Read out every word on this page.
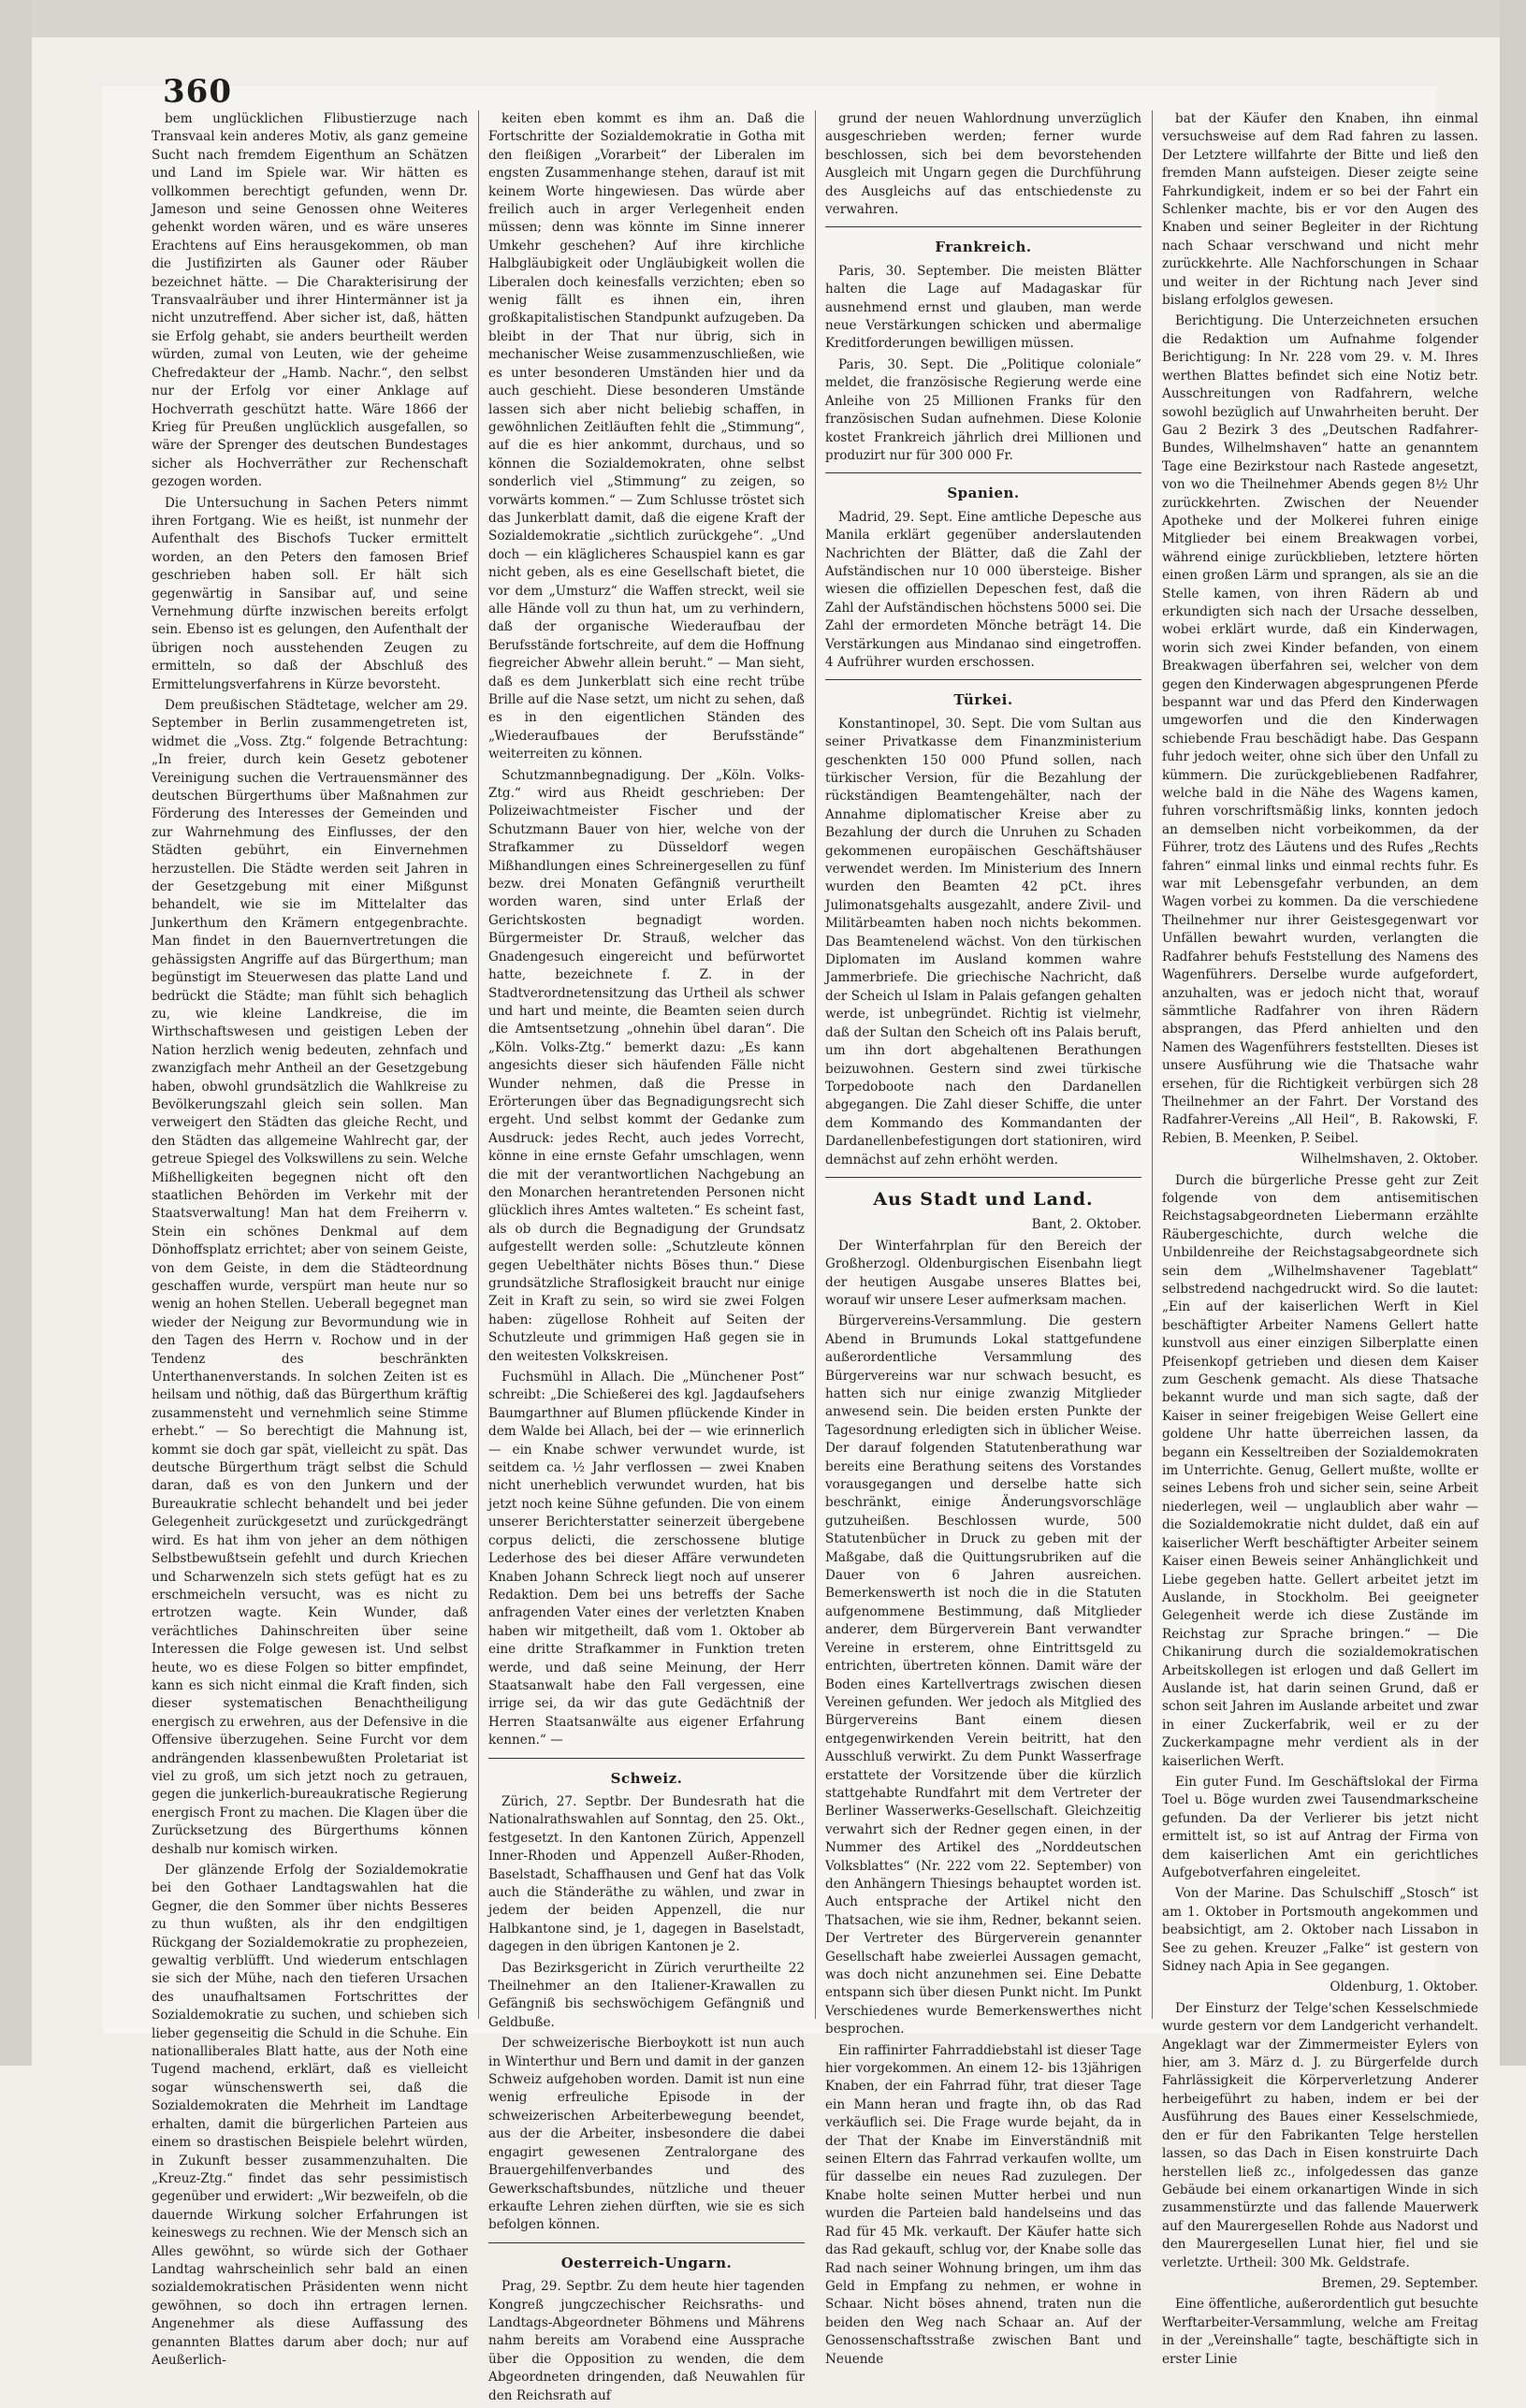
360

bem unglücklichen Flibustierzuge nach Transvaal kein anderes Motiv, als ganz gemeine Sucht nach fremdem Eigenthum an Schätzen und Land im Spiele war. Wir hätten es vollkommen berechtigt gefunden, wenn Dr. Jameson und seine Genossen ohne Weiteres gehenkt worden wären, und es wäre unseres Erachtens auf Eins herausgekommen, ob man die Justifizirten als Gauner oder Räuber bezeichnet hätte. — Die Charakterisirung der Transvaalräuber und ihrer Hintermänner ist ja nicht unzutreffend. Aber sicher ist, daß, hätten sie Erfolg gehabt, sie anders beurtheilt werden würden, zumal von Leuten, wie der geheime Chefredakteur der „Hamb. Nachr.“, den selbst nur der Erfolg vor einer Anklage auf Hochverrath geschützt hatte. Wäre 1866 der Krieg für Preußen unglücklich ausgefallen, so wäre der Sprenger des deutschen Bundestages sicher als Hochverräther zur Rechenschaft gezogen worden.

Die Untersuchung in Sachen Peters nimmt ihren Fortgang. Wie es heißt, ist nunmehr der Aufenthalt des Bischofs Tucker ermittelt worden, an den Peters den famosen Brief geschrieben haben soll. Er hält sich gegenwärtig in Sansibar auf, und seine Vernehmung dürfte inzwischen bereits erfolgt sein. Ebenso ist es gelungen, den Aufenthalt der übrigen noch ausstehenden Zeugen zu ermitteln, so daß der Abschluß des Ermittelungsverfahrens in Kürze bevorsteht.

Dem preußischen Städtetage, welcher am 29. September in Berlin zusammengetreten ist, widmet die „Voss. Ztg.“ folgende Betrachtung: „In freier, durch kein Gesetz gebotener Vereinigung suchen die Vertrauensmänner des deutschen Bürgerthums über Maßnahmen zur Förderung des Interesses der Gemeinden und zur Wahrnehmung des Einflusses, der den Städten gebührt, ein Einvernehmen herzustellen. Die Städte werden seit Jahren in der Gesetzgebung mit einer Mißgunst behandelt, wie sie im Mittelalter das Junkerthum den Krämern entgegenbrachte. Man findet in den Bauernvertretungen die gehässigsten Angriffe auf das Bürgerthum; man begünstigt im Steuerwesen das platte Land und bedrückt die Städte; man fühlt sich behaglich zu, wie kleine Landkreise, die im Wirthschaftswesen und geistigen Leben der Nation herzlich wenig bedeuten, zehnfach und zwanzigfach mehr Antheil an der Gesetzgebung haben, obwohl grundsätzlich die Wahlkreise zu Bevölkerungszahl gleich sein sollen. Man verweigert den Städten das gleiche Recht, und den Städten das allgemeine Wahlrecht gar, der getreue Spiegel des Volkswillens zu sein. Welche Mißhelligkeiten begegnen nicht oft den staatlichen Behörden im Verkehr mit der Staatsverwaltung! Man hat dem Freiherrn v. Stein ein schönes Denkmal auf dem Dönhoffsplatz errichtet; aber von seinem Geiste, von dem Geiste, in dem die Städteordnung geschaffen wurde, verspürt man heute nur so wenig an hohen Stellen. Ueberall begegnet man wieder der Neigung zur Bevormundung wie in den Tagen des Herrn v. Rochow und in der Tendenz des beschränkten Unterthanenverstands. In solchen Zeiten ist es heilsam und nöthig, daß das Bürgerthum kräftig zusammensteht und vernehmlich seine Stimme erhebt.“ — So berechtigt die Mahnung ist, kommt sie doch gar spät, vielleicht zu spät. Das deutsche Bürgerthum trägt selbst die Schuld daran, daß es von den Junkern und der Bureaukratie schlecht behandelt und bei jeder Gelegenheit zurückgesetzt und zurückgedrängt wird. Es hat ihm von jeher an dem nöthigen Selbstbewußtsein gefehlt und durch Kriechen und Scharwenzeln sich stets gefügt hat es zu erschmeicheln versucht, was es nicht zu ertrotzen wagte. Kein Wunder, daß verächtliches Dahinschreiten über seine Interessen die Folge gewesen ist. Und selbst heute, wo es diese Folgen so bitter empfindet, kann es sich nicht einmal die Kraft finden, sich dieser systematischen Benachtheiligung energisch zu erwehren, aus der Defensive in die Offensive überzugehen. Seine Furcht vor dem andrängenden klassenbewußten Proletariat ist viel zu groß, um sich jetzt noch zu getrauen, gegen die junkerlich-bureaukratische Regierung energisch Front zu machen. Die Klagen über die Zurücksetzung des Bürgerthums können deshalb nur komisch wirken.

Der glänzende Erfolg der Sozialdemokratie bei den Gothaer Landtagswahlen hat die Gegner, die den Sommer über nichts Besseres zu thun wußten, als ihr den endgiltigen Rückgang der Sozialdemokratie zu prophezeien, gewaltig verblüfft. Und wiederum entschlagen sie sich der Mühe, nach den tieferen Ursachen des unaufhaltsamen Fortschrittes der Sozialdemokratie zu suchen, und schieben sich lieber gegenseitig die Schuld in die Schuhe. Ein nationalliberales Blatt hatte, aus der Noth eine Tugend machend, erklärt, daß es vielleicht sogar wünschenswerth sei, daß die Sozialdemokraten die Mehrheit im Landtage erhalten, damit die bürgerlichen Parteien aus einem so drastischen Beispiele belehrt würden, in Zukunft besser zusammenzuhalten. Die „Kreuz-Ztg.“ findet das sehr pessimistisch gegenüber und erwidert: „Wir bezweifeln, ob die dauernde Wirkung solcher Erfahrungen ist keineswegs zu rechnen. Wie der Mensch sich an Alles gewöhnt, so würde sich der Gothaer Landtag wahrscheinlich sehr bald an einen sozialdemokratischen Präsidenten wenn nicht gewöhnen, so doch ihn ertragen lernen. Angenehmer als diese Auffassung des genannten Blattes darum aber doch; nur auf Aeußerlich-

keiten eben kommt es ihm an. Daß die Fortschritte der Sozialdemokratie in Gotha mit den fleißigen „Vorarbeit“ der Liberalen im engsten Zusammenhange stehen, darauf ist mit keinem Worte hingewiesen. Das würde aber freilich auch in arger Verlegenheit enden müssen; denn was könnte im Sinne innerer Umkehr geschehen? Auf ihre kirchliche Halbgläubigkeit oder Ungläubigkeit wollen die Liberalen doch keinesfalls verzichten; eben so wenig fällt es ihnen ein, ihren großkapitalistischen Standpunkt aufzugeben. Da bleibt in der That nur übrig, sich in mechanischer Weise zusammenzuschließen, wie es unter besonderen Umständen hier und da auch geschieht. Diese besonderen Umstände lassen sich aber nicht beliebig schaffen, in gewöhnlichen Zeitläuften fehlt die „Stimmung“, auf die es hier ankommt, durchaus, und so können die Sozialdemokraten, ohne selbst sonderlich viel „Stimmung“ zu zeigen, so vorwärts kommen.“ — Zum Schlusse tröstet sich das Junkerblatt damit, daß die eigene Kraft der Sozialdemokratie „sichtlich zurückgehe“. „Und doch — ein kläglicheres Schauspiel kann es gar nicht geben, als es eine Gesellschaft bietet, die vor dem „Umsturz“ die Waffen streckt, weil sie alle Hände voll zu thun hat, um zu verhindern, daß der organische Wiederaufbau der Berufsstände fortschreite, auf dem die Hoffnung fiegreicher Abwehr allein beruht.“ — Man sieht, daß es dem Junkerblatt sich eine recht trübe Brille auf die Nase setzt, um nicht zu sehen, daß es in den eigentlichen Ständen des „Wiederaufbaues der Berufsstände“ weiterreiten zu können.

Schutzmannbegnadigung. Der „Köln. Volks-Ztg.“ wird aus Rheidt geschrieben: Der Polizeiwachtmeister Fischer und der Schutzmann Bauer von hier, welche von der Strafkammer zu Düsseldorf wegen Mißhandlungen eines Schreinergesellen zu fünf bezw. drei Monaten Gefängniß verurtheilt worden waren, sind unter Erlaß der Gerichtskosten begnadigt worden. Bürgermeister Dr. Strauß, welcher das Gnadengesuch eingereicht und befürwortet hatte, bezeichnete f. Z. in der Stadtverordnetensitzung das Urtheil als schwer und hart und meinte, die Beamten seien durch die Amtsentsetzung „ohnehin übel daran“. Die „Köln. Volks-Ztg.“ bemerkt dazu: „Es kann angesichts dieser sich häufenden Fälle nicht Wunder nehmen, daß die Presse in Erörterungen über das Begnadigungsrecht sich ergeht. Und selbst kommt der Gedanke zum Ausdruck: jedes Recht, auch jedes Vorrecht, könne in eine ernste Gefahr umschlagen, wenn die mit der verantwortlichen Nachgebung an den Monarchen herantretenden Personen nicht glücklich ihres Amtes walteten.“ Es scheint fast, als ob durch die Begnadigung der Grundsatz aufgestellt werden solle: „Schutzleute können gegen Uebelthäter nichts Böses thun.“ Diese grundsätzliche Straflosigkeit braucht nur einige Zeit in Kraft zu sein, so wird sie zwei Folgen haben: zügellose Rohheit auf Seiten der Schutzleute und grimmigen Haß gegen sie in den weitesten Volkskreisen.

Fuchsmühl in Allach. Die „Münchener Post“ schreibt: „Die Schießerei des kgl. Jagdaufsehers Baumgarthner auf Blumen pflückende Kinder in dem Walde bei Allach, bei der — wie erinnerlich — ein Knabe schwer verwundet wurde, ist seitdem ca. ½ Jahr verflossen — zwei Knaben nicht unerheblich verwundet wurden, hat bis jetzt noch keine Sühne gefunden. Die von einem unserer Berichterstatter seinerzeit übergebene corpus delicti, die zerschossene blutige Lederhose des bei dieser Affäre verwundeten Knaben Johann Schreck liegt noch auf unserer Redaktion. Dem bei uns betreffs der Sache anfragenden Vater eines der verletzten Knaben haben wir mitgetheilt, daß vom 1. Oktober ab eine dritte Strafkammer in Funktion treten werde, und daß seine Meinung, der Herr Staatsanwalt habe den Fall vergessen, eine irrige sei, da wir das gute Gedächtniß der Herren Staatsanwälte aus eigener Erfahrung kennen.“ —

Schweiz.

Zürich, 27. Septbr. Der Bundesrath hat die Nationalrathswahlen auf Sonntag, den 25. Okt., festgesetzt. In den Kantonen Zürich, Appenzell Inner-Rhoden und Appenzell Außer-Rhoden, Baselstadt, Schaffhausen und Genf hat das Volk auch die Ständeräthe zu wählen, und zwar in jedem der beiden Appenzell, die nur Halbkantone sind, je 1, dagegen in Baselstadt, dagegen in den übrigen Kantonen je 2.

Das Bezirksgericht in Zürich verurtheilte 22 Theilnehmer an den Italiener-Krawallen zu Gefängniß bis sechswöchigem Gefängniß und Geldbuße.

Der schweizerische Bierboykott ist nun auch in Winterthur und Bern und damit in der ganzen Schweiz aufgehoben worden. Damit ist nun eine wenig erfreuliche Episode in der schweizerischen Arbeiterbewegung beendet, aus der die Arbeiter, insbesondere die dabei engagirt gewesenen Zentralorgane des Brauergehilfenverbandes und des Gewerkschaftsbundes, nützliche und theuer erkaufte Lehren ziehen dürften, wie sie es sich befolgen können.

Oesterreich-Ungarn.

Prag, 29. Septbr. Zu dem heute hier tagenden Kongreß jungczechischer Reichsraths- und Landtags-Abgeordneter Böhmens und Mährens nahm bereits am Vorabend eine Aussprache über die Opposition zu wenden, die dem Abgeordneten dringenden, daß Neuwahlen für den Reichsrath auf

grund der neuen Wahlordnung unverzüglich ausgeschrieben werden; ferner wurde beschlossen, sich bei dem bevorstehenden Ausgleich mit Ungarn gegen die Durchführung des Ausgleichs auf das entschiedenste zu verwahren.

Frankreich.

Paris, 30. September. Die meisten Blätter halten die Lage auf Madagaskar für ausnehmend ernst und glauben, man werde neue Verstärkungen schicken und abermalige Kreditforderungen bewilligen müssen.

Paris, 30. Sept. Die „Politique coloniale“ meldet, die französische Regierung werde eine Anleihe von 25 Millionen Franks für den französischen Sudan aufnehmen. Diese Kolonie kostet Frankreich jährlich drei Millionen und produzirt nur für 300 000 Fr.

Spanien.

Madrid, 29. Sept. Eine amtliche Depesche aus Manila erklärt gegenüber anderslautenden Nachrichten der Blätter, daß die Zahl der Aufständischen nur 10 000 übersteige. Bisher wiesen die offiziellen Depeschen fest, daß die Zahl der Aufständischen höchstens 5000 sei. Die Zahl der ermordeten Mönche beträgt 14. Die Verstärkungen aus Mindanao sind eingetroffen. 4 Aufrührer wurden erschossen.

Türkei.

Konstantinopel, 30. Sept. Die vom Sultan aus seiner Privatkasse dem Finanzministerium geschenkten 150 000 Pfund sollen, nach türkischer Version, für die Bezahlung der rückständigen Beamtengehälter, nach der Annahme diplomatischer Kreise aber zu Bezahlung der durch die Unruhen zu Schaden gekommenen europäischen Geschäftshäuser verwendet werden. Im Ministerium des Innern wurden den Beamten 42 pCt. ihres Julimonatsgehalts ausgezahlt, andere Zivil- und Militärbeamten haben noch nichts bekommen. Das Beamtenelend wächst. Von den türkischen Diplomaten im Ausland kommen wahre Jammerbriefe. Die griechische Nachricht, daß der Scheich ul Islam in Palais gefangen gehalten werde, ist unbegründet. Richtig ist vielmehr, daß der Sultan den Scheich oft ins Palais beruft, um ihn dort abgehaltenen Berathungen beizuwohnen. Gestern sind zwei türkische Torpedoboote nach den Dardanellen abgegangen. Die Zahl dieser Schiffe, die unter dem Kommando des Kommandanten der Dardanellenbefestigungen dort stationiren, wird demnächst auf zehn erhöht werden.

Aus Stadt und Land.

Bant, 2. Oktober.

Der Winterfahrplan für den Bereich der Großherzogl. Oldenburgischen Eisenbahn liegt der heutigen Ausgabe unseres Blattes bei, worauf wir unsere Leser aufmerksam machen.

Bürgervereins-Versammlung. Die gestern Abend in Brumunds Lokal stattgefundene außerordentliche Versammlung des Bürgervereins war nur schwach besucht, es hatten sich nur einige zwanzig Mitglieder anwesend sein. Die beiden ersten Punkte der Tagesordnung erledigten sich in üblicher Weise. Der darauf folgenden Statutenberathung war bereits eine Berathung seitens des Vorstandes vorausgegangen und derselbe hatte sich beschränkt, einige Änderungsvorschläge gutzuheißen. Beschlossen wurde, 500 Statutenbücher in Druck zu geben mit der Maßgabe, daß die Quittungsrubriken auf die Dauer von 6 Jahren ausreichen. Bemerkenswerth ist noch die in die Statuten aufgenommene Bestimmung, daß Mitglieder anderer, dem Bürgerverein Bant verwandter Vereine in ersterem, ohne Eintrittsgeld zu entrichten, übertreten können. Damit wäre der Boden eines Kartellvertrags zwischen diesen Vereinen gefunden. Wer jedoch als Mitglied des Bürgervereins Bant einem diesen entgegenwirkenden Verein beitritt, hat den Ausschluß verwirkt. Zu dem Punkt Wasserfrage erstattete der Vorsitzende über die kürzlich stattgehabte Rundfahrt mit dem Vertreter der Berliner Wasserwerks-Gesellschaft. Gleichzeitig verwahrt sich der Redner gegen einen, in der Nummer des Artikel des „Norddeutschen Volksblattes“ (Nr. 222 vom 22. September) von den Anhängern Thiesings behauptet worden ist. Auch entsprache der Artikel nicht den Thatsachen, wie sie ihm, Redner, bekannt seien. Der Vertreter des Bürgerverein genannter Gesellschaft habe zweierlei Aussagen gemacht, was doch nicht anzunehmen sei. Eine Debatte entspann sich über diesen Punkt nicht. Im Punkt Verschiedenes wurde Bemerkenswerthes nicht besprochen.

Ein raffinirter Fahrraddiebstahl ist dieser Tage hier vorgekommen. An einem 12- bis 13jährigen Knaben, der ein Fahrrad führ, trat dieser Tage ein Mann heran und fragte ihn, ob das Rad verkäuflich sei. Die Frage wurde bejaht, da in der That der Knabe im Einverständniß mit seinen Eltern das Fahrrad verkaufen wollte, um für dasselbe ein neues Rad zuzulegen. Der Knabe holte seinen Mutter herbei und nun wurden die Parteien bald handelseins und das Rad für 45 Mk. verkauft. Der Käufer hatte sich das Rad gekauft, schlug vor, der Knabe solle das Rad nach seiner Wohnung bringen, um ihm das Geld in Empfang zu nehmen, er wohne in Schaar. Nicht böses ahnend, traten nun die beiden den Weg nach Schaar an. Auf der Genossenschaftsstraße zwischen Bant und Neuende

bat der Käufer den Knaben, ihn einmal versuchsweise auf dem Rad fahren zu lassen. Der Letztere willfahrte der Bitte und ließ den fremden Mann aufsteigen. Dieser zeigte seine Fahrkundigkeit, indem er so bei der Fahrt ein Schlenker machte, bis er vor den Augen des Knaben und seiner Begleiter in der Richtung nach Schaar verschwand und nicht mehr zurückkehrte. Alle Nachforschungen in Schaar und weiter in der Richtung nach Jever sind bislang erfolglos gewesen.

Berichtigung. Die Unterzeichneten ersuchen die Redaktion um Aufnahme folgender Berichtigung: In Nr. 228 vom 29. v. M. Ihres werthen Blattes befindet sich eine Notiz betr. Ausschreitungen von Radfahrern, welche sowohl bezüglich auf Unwahrheiten beruht. Der Gau 2 Bezirk 3 des „Deutschen Radfahrer-Bundes, Wilhelmshaven“ hatte an genanntem Tage eine Bezirkstour nach Rastede angesetzt, von wo die Theilnehmer Abends gegen 8½ Uhr zurückkehrten. Zwischen der Neuender Apotheke und der Molkerei fuhren einige Mitglieder bei einem Breakwagen vorbei, während einige zurückblieben, letztere hörten einen großen Lärm und sprangen, als sie an die Stelle kamen, von ihren Rädern ab und erkundigten sich nach der Ursache desselben, wobei erklärt wurde, daß ein Kinderwagen, worin sich zwei Kinder befanden, von einem Breakwagen überfahren sei, welcher von dem gegen den Kinderwagen abgesprungenen Pferde bespannt war und das Pferd den Kinderwagen umgeworfen und die den Kinderwagen schiebende Frau beschädigt habe. Das Gespann fuhr jedoch weiter, ohne sich über den Unfall zu kümmern. Die zurückgebliebenen Radfahrer, welche bald in die Nähe des Wagens kamen, fuhren vorschriftsmäßig links, konnten jedoch an demselben nicht vorbeikommen, da der Führer, trotz des Läutens und des Rufes „Rechts fahren“ einmal links und einmal rechts fuhr. Es war mit Lebensgefahr verbunden, an dem Wagen vorbei zu kommen. Da die verschiedene Theilnehmer nur ihrer Geistesgegenwart vor Unfällen bewahrt wurden, verlangten die Radfahrer behufs Feststellung des Namens des Wagenführers. Derselbe wurde aufgefordert, anzuhalten, was er jedoch nicht that, worauf sämmtliche Radfahrer von ihren Rädern absprangen, das Pferd anhielten und den Namen des Wagenführers feststellten. Dieses ist unsere Ausführung wie die Thatsache wahr ersehen, für die Richtigkeit verbürgen sich 28 Theilnehmer an der Fahrt. Der Vorstand des Radfahrer-Vereins „All Heil“, B. Rakowski, F. Rebien, B. Meenken, P. Seibel.

Wilhelmshaven, 2. Oktober.

Durch die bürgerliche Presse geht zur Zeit folgende von dem antisemitischen Reichstagsabgeordneten Liebermann erzählte Räubergeschichte, durch welche die Unbildenreihe der Reichstagsabgeordnete sich sein dem „Wilhelmshavener Tageblatt“ selbstredend nachgedruckt wird. So die lautet: „Ein auf der kaiserlichen Werft in Kiel beschäftigter Arbeiter Namens Gellert hatte kunstvoll aus einer einzigen Silberplatte einen Pfeisenkopf getrieben und diesen dem Kaiser zum Geschenk gemacht. Als diese Thatsache bekannt wurde und man sich sagte, daß der Kaiser in seiner freigebigen Weise Gellert eine goldene Uhr hatte überreichen lassen, da begann ein Kesseltreiben der Sozialdemokraten im Unterrichte. Genug, Gellert mußte, wollte er seines Lebens froh und sicher sein, seine Arbeit niederlegen, weil — unglaublich aber wahr — die Sozialdemokratie nicht duldet, daß ein auf kaiserlicher Werft beschäftigter Arbeiter seinem Kaiser einen Beweis seiner Anhänglichkeit und Liebe gegeben hatte. Gellert arbeitet jetzt im Auslande, in Stockholm. Bei geeigneter Gelegenheit werde ich diese Zustände im Reichstag zur Sprache bringen.“ — Die Chikanirung durch die sozialdemokratischen Arbeitskollegen ist erlogen und daß Gellert im Auslande ist, hat darin seinen Grund, daß er schon seit Jahren im Auslande arbeitet und zwar in einer Zuckerfabrik, weil er zu der Zuckerkampagne mehr verdient als in der kaiserlichen Werft.

Ein guter Fund. Im Geschäftslokal der Firma Toel u. Böge wurden zwei Tausendmarkscheine gefunden. Da der Verlierer bis jetzt nicht ermittelt ist, so ist auf Antrag der Firma von dem kaiserlichen Amt ein gerichtliches Aufgebotverfahren eingeleitet.

Von der Marine. Das Schulschiff „Stosch“ ist am 1. Oktober in Portsmouth angekommen und beabsichtigt, am 2. Oktober nach Lissabon in See zu gehen. Kreuzer „Falke“ ist gestern von Sidney nach Apia in See gegangen.

Oldenburg, 1. Oktober.

Der Einsturz der Telge'schen Kesselschmiede wurde gestern vor dem Landgericht verhandelt. Angeklagt war der Zimmermeister Eylers von hier, am 3. März d. J. zu Bürgerfelde durch Fahrlässigkeit die Körperverletzung Anderer herbeigeführt zu haben, indem er bei der Ausführung des Baues einer Kesselschmiede, den er für den Fabrikanten Telge herstellen lassen, so das Dach in Eisen konstruirte Dach herstellen ließ zc., infolgedessen das ganze Gebäude bei einem orkanartigen Winde in sich zusammenstürzte und das fallende Mauerwerk auf den Maurergesellen Rohde aus Nadorst und den Maurergesellen Lunat hier, fiel und sie verletzte. Urtheil: 300 Mk. Geldstrafe.

Bremen, 29. September.

Eine öffentliche, außerordentlich gut besuchte Werftarbeiter-Versammlung, welche am Freitag in der „Vereinshalle“ tagte, beschäftigte sich in erster Linie
